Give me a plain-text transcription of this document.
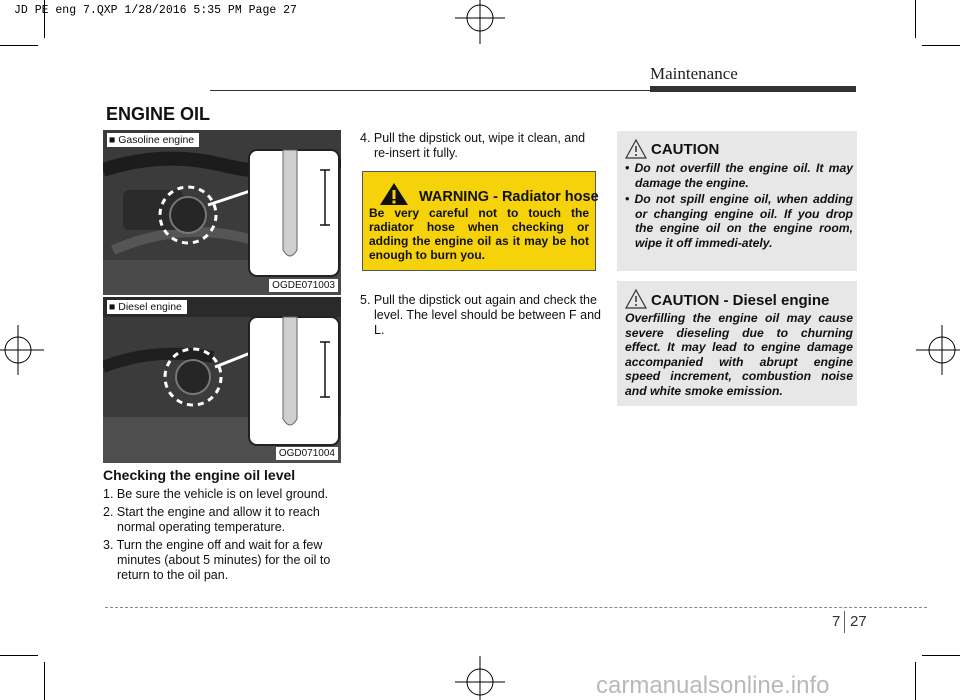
JD PE eng 7.QXP 1/28/2016 5:35 PM Page 27
Maintenance
ENGINE OIL
■ Gasoline engine
OGDE071003
■ Diesel engine
OGD071004
Checking the engine oil level
1. Be sure the vehicle is on level ground.
2. Start the engine and allow it to reach normal operating temperature.
3. Turn the engine off and wait for a few minutes (about 5 minutes) for the oil to return to the oil pan.
4. Pull the dipstick out, wipe it clean, and re-insert it fully.
WARNING - Radiator hose
Be very careful not to touch the radiator hose when checking or adding the engine oil as it may be hot enough to burn you.
5. Pull the dipstick out again and check the level. The level should be between F and L.
CAUTION
• Do not overfill the engine oil. It may damage the engine.
• Do not spill engine oil, when adding or changing engine oil. If you drop the engine oil on the engine room, wipe it off immedi-ately.
CAUTION - Diesel engine
Overfilling the engine oil may cause severe dieseling due to churning effect. It may lead to engine damage accompanied with abrupt engine speed increment, combustion noise and white smoke emission.
7 27
carmanualsonline.info
